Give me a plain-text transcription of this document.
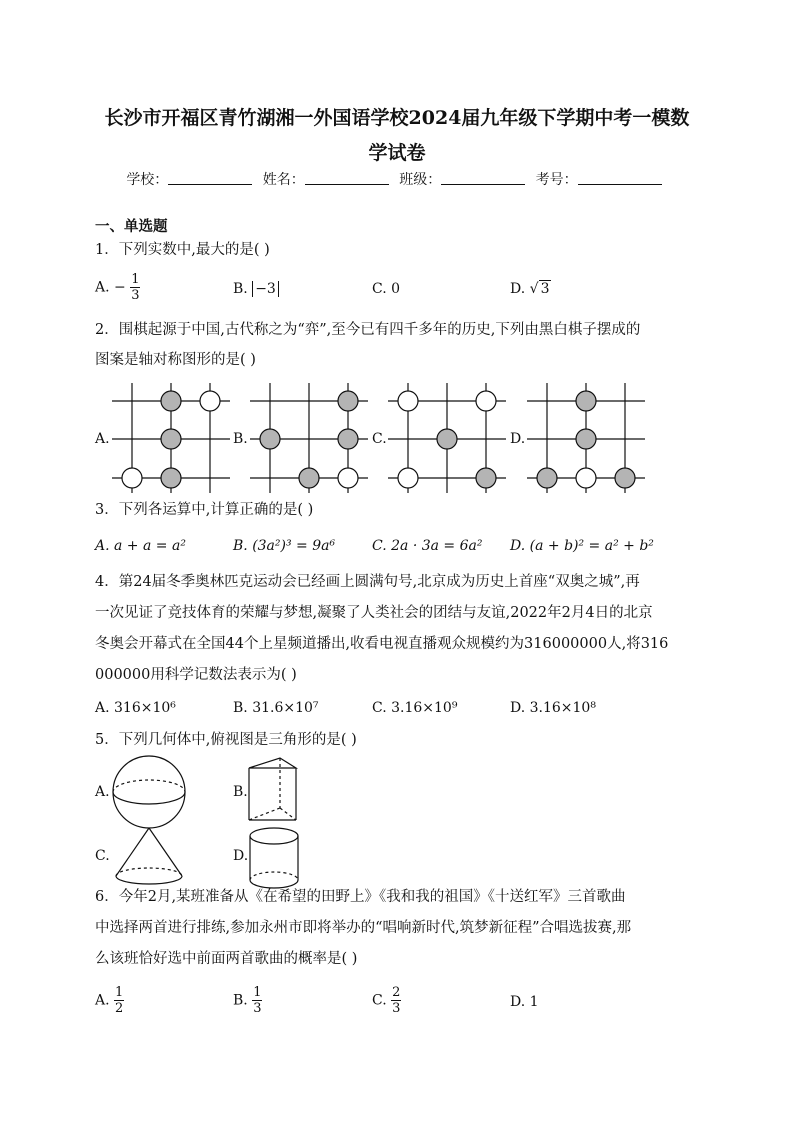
长沙市开福区青竹湖湘一外国语学校2024届九年级下学期中考一模数
学试卷
学校：	姓名：	班级：	考号：
一、单选题
1．下列实数中,最大的是( )
A. − $\frac{1}{3}$	B. −3	C. 0	D. √ 3
2．围棋起源于中国,古代称之为“弈”,至今已有四千多年的历史,下列由黑白棋子摆成的
图案是轴对称图形的是( )
A.	B.	C.	D.
3．下列各运算中,计算正确的是( )
A. a + a = a²	B. (3a²)³ = 9a⁶	C. 2a · 3a = 6a² D. (a + b)² = a² + b²
4．第24届冬季奥林匹克运动会已经画上圆满句号,北京成为历史上首座“双奥之城”,再
一次见证了竞技体育的荣耀与梦想,凝聚了人类社会的团结与友谊,2022年2月4日的北京
冬奥会开幕式在全国44个上星频道播出,收看电视直播观众规模约为316000000人,将316
000000用科学记数法表示为( )
A. 316×10⁶	B. 31.6×10⁷	C. 3.16×10⁹	D. 3.16×10⁸
5．下列几何体中,俯视图是三角形的是( )
A.	B.
C.	D.
6．今年2月,某班准备从《在希望的田野上》《我和我的祖国》《十送红军》三首歌曲
中选择两首进行排练,参加永州市即将举办的“唱响新时代,筑梦新征程”合唱选拔赛,那
么该班恰好选中前面两首歌曲的概率是( )
A. $\frac{1}{2}$	B. $\frac{1}{3}$	C. $\frac{2}{3}$	D. 1
